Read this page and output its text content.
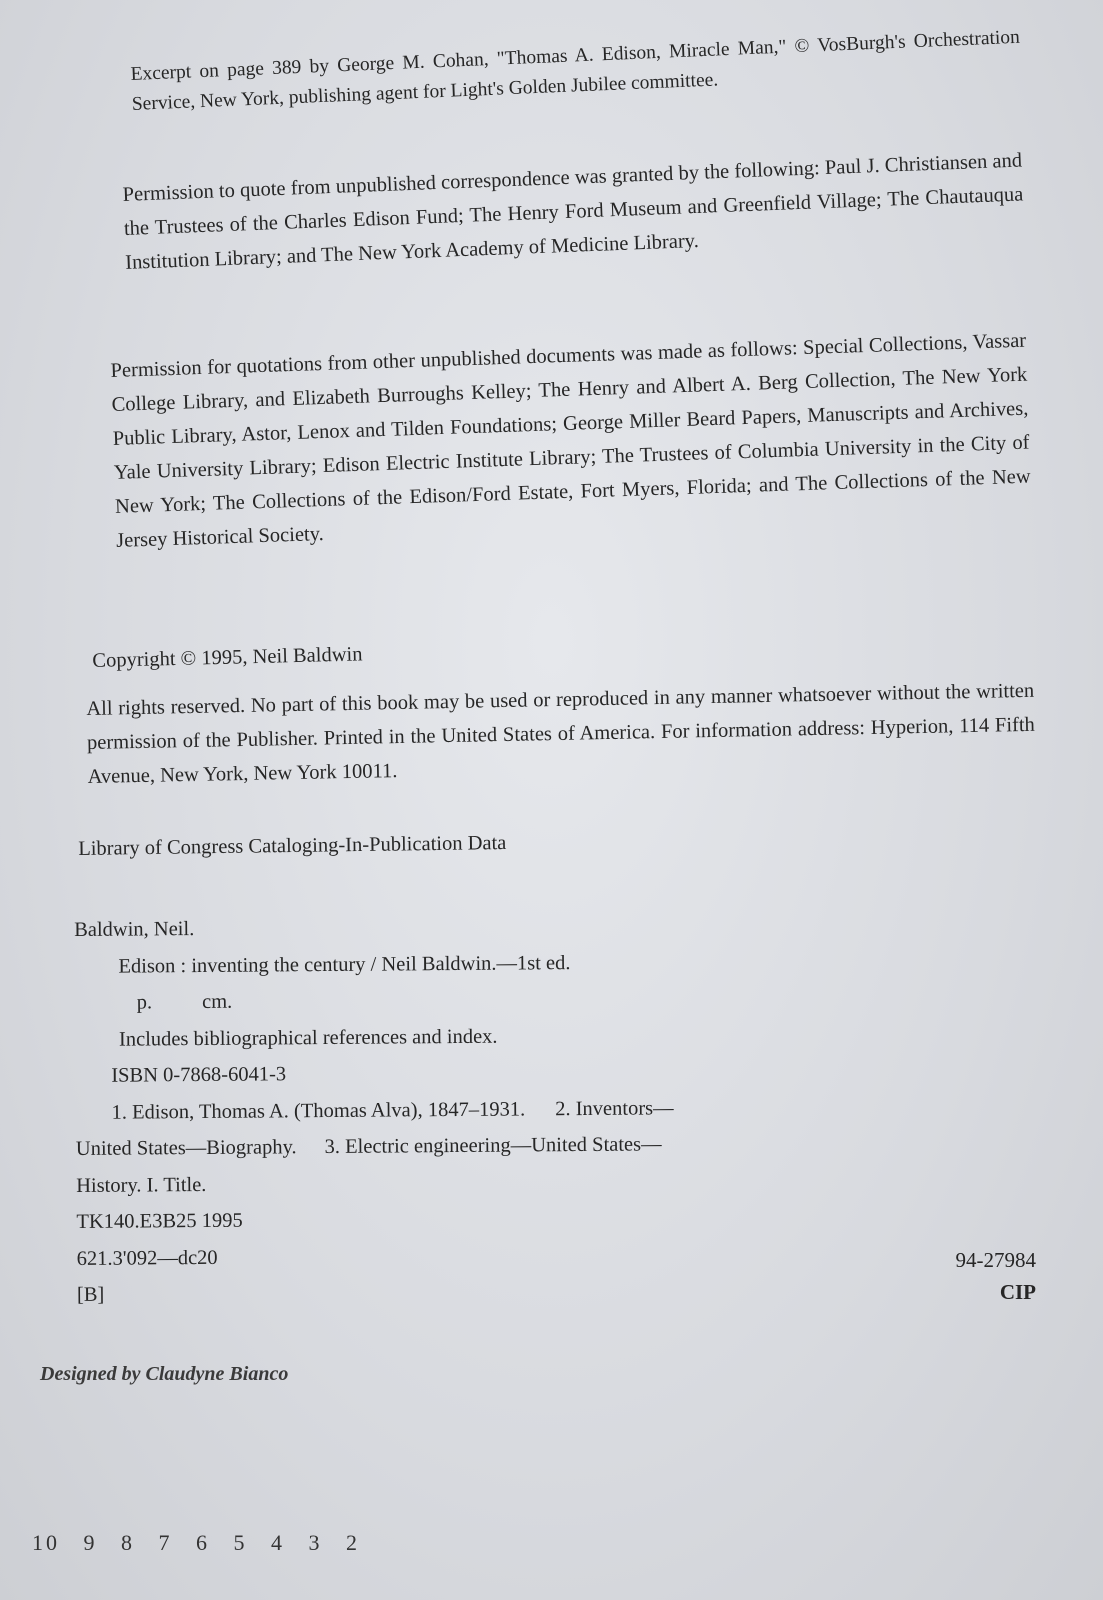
Excerpt on page 389 by George M. Cohan, "Thomas A. Edison, Miracle Man," © VosBurgh's Orchestration Service, New York, publishing agent for Light's Golden Jubilee committee.

Permission to quote from unpublished correspondence was granted by the following: Paul J. Christiansen and the Trustees of the Charles Edison Fund; The Henry Ford Museum and Greenfield Village; The Chautauqua Institution Library; and The New York Academy of Medicine Library.

Permission for quotations from other unpublished documents was made as follows: Special Collections, Vassar College Library, and Elizabeth Burroughs Kelley; The Henry and Albert A. Berg Collection, The New York Public Library, Astor, Lenox and Tilden Foundations; George Miller Beard Papers, Manuscripts and Archives, Yale University Library; Edison Electric Institute Library; The Trustees of Columbia University in the City of New York; The Collections of the Edison/Ford Estate, Fort Myers, Florida; and The Collections of the New Jersey Historical Society.

Copyright © 1995, Neil Baldwin

All rights reserved. No part of this book may be used or reproduced in any manner whatsoever without the written permission of the Publisher. Printed in the United States of America. For information address: Hyperion, 114 Fifth Avenue, New York, New York 10011.

Library of Congress Cataloging-In-Publication Data

Baldwin, Neil.
Edison : inventing the century / Neil Baldwin.—1st ed.
p. cm.
Includes bibliographical references and index.
ISBN 0-7868-6041-3
1. Edison, Thomas A. (Thomas Alva), 1847–1931. 2. Inventors—
United States—Biography. 3. Electric engineering—United States—
History. I. Title.
TK140.E3B25 1995
621.3'092—dc20
[B]
94-27984
CIP
Designed by Claudyne Bianco
10 9 8 7 6 5 4 3 2
